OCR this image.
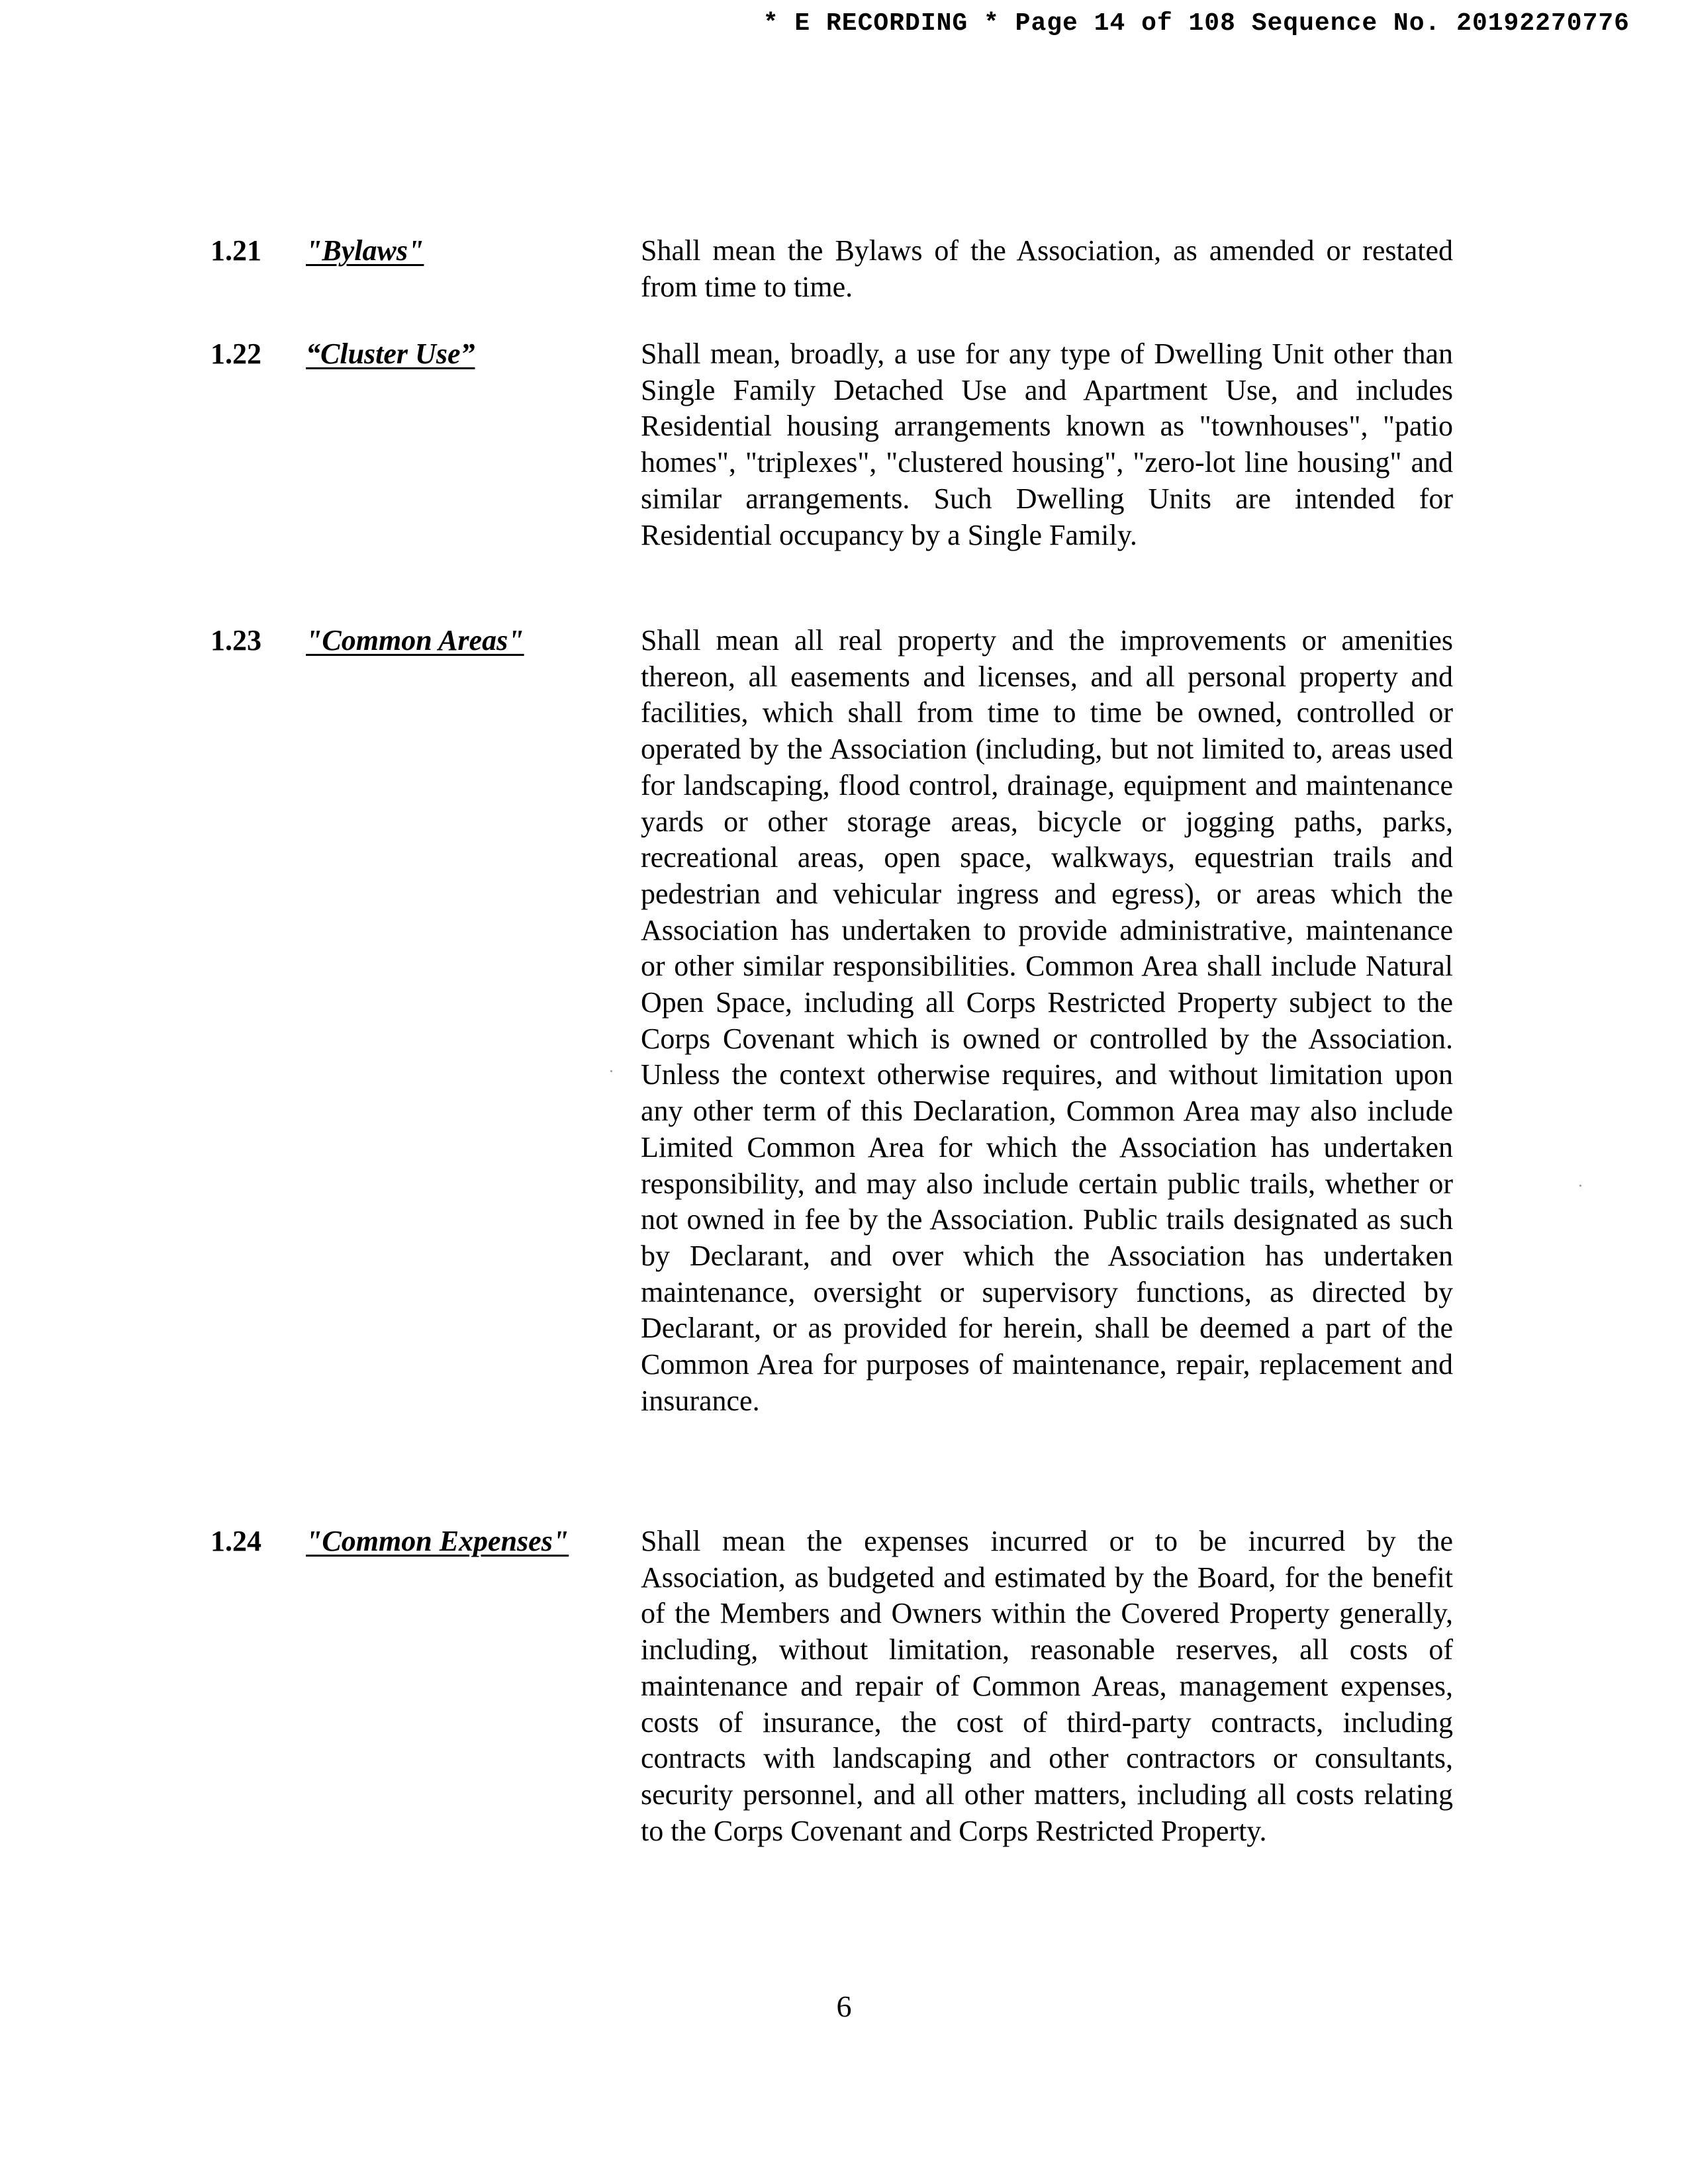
* E RECORDING * Page 14 of 108 Sequence No. 20192270776
1.21 "Bylaws"	Shall mean the Bylaws of the Association, as amended or restated from time to time.

1.22 “Cluster Use”	Shall mean, broadly, a use for any type of Dwelling Unit other than Single Family Detached Use and Apartment Use, and includes Residential housing arrangements known as "townhouses", "patio homes", "triplexes", "clustered housing", "zero-lot line housing" and similar arrangements. Such Dwelling Units are intended for Residential occupancy by a Single Family.

1.23 "Common Areas"	Shall mean all real property and the improvements or amenities thereon, all easements and licenses, and all personal property and facilities, which shall from time to time be owned, controlled or operated by the Association (including, but not limited to, areas used for landscaping, flood control, drainage, equipment and maintenance yards or other storage areas, bicycle or jogging paths, parks, recreational areas, open space, walkways, equestrian trails and pedestrian and vehicular ingress and egress), or areas which the Association has undertaken to provide administrative, maintenance or other similar responsibilities. Common Area shall include Natural Open Space, including all Corps Restricted Property subject to the Corps Covenant which is owned or controlled by the Association. Unless the context otherwise requires, and without limitation upon any other term of this Declaration, Common Area may also include Limited Common Area for which the Association has undertaken responsibility, and may also include certain public trails, whether or not owned in fee by the Association. Public trails designated as such by Declarant, and over which the Association has undertaken maintenance, oversight or supervisory functions, as directed by Declarant, or as provided for herein, shall be deemed a part of the Common Area for purposes of maintenance, repair, replacement and insurance.

1.24 "Common Expenses" Shall mean the expenses incurred or to be incurred by the Association, as budgeted and estimated by the Board, for the benefit of the Members and Owners within the Covered Property generally, including, without limitation, reasonable reserves, all costs of maintenance and repair of Common Areas, management expenses, costs of insurance, the cost of third-party contracts, including contracts with landscaping and other contractors or consultants, security personnel, and all other matters, including all costs relating to the Corps Covenant and Corps Restricted Property.

6
